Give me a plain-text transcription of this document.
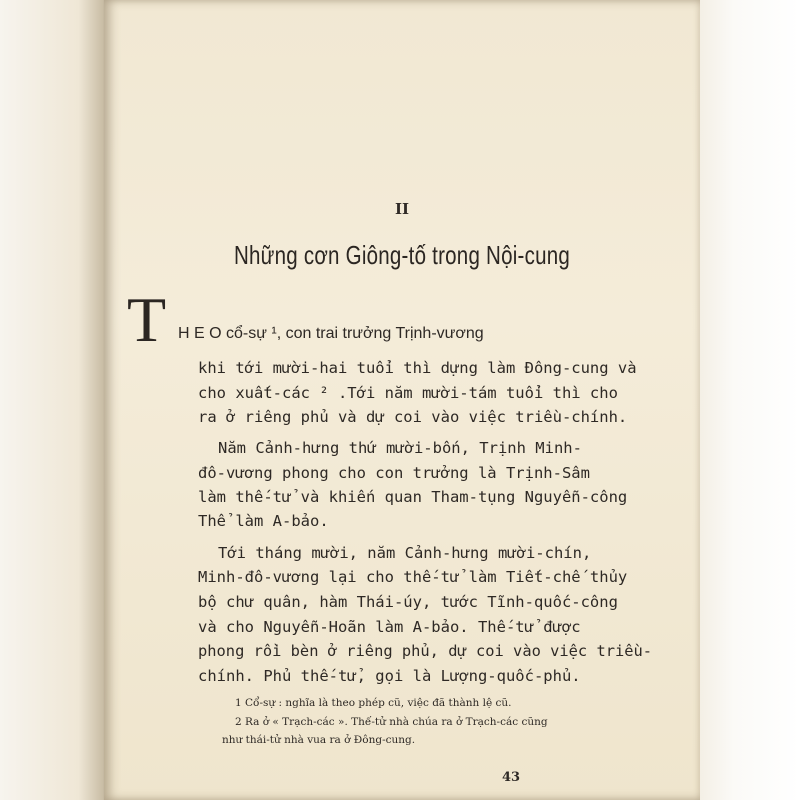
II
Những cơn Giông-tố trong Nội-cung
T H E O cổ-sự ¹, con trai trưởng Trịnh-vương
khi tới mười-hai tuổi thì dựng làm Đông-cung và
cho xuất-các ² .Tới năm mười-tám tuổi thì cho
ra ở riêng phủ và dự coi vào việc triều-chính.
Năm Cảnh-hưng thứ mười-bốn, Trịnh Minh-
đô-vương phong cho con trưởng là Trịnh-Sâm
làm thế-tử và khiến quan Tham-tụng Nguyễn-công
Thể làm A-bảo.
Tới tháng mười, năm Cảnh-hưng mười-chín,
Minh-đô-vương lại cho thế-tử làm Tiết-chế thủy
bộ chư quân, hàm Thái-úy, tước Tĩnh-quốc-công
và cho Nguyễn-Hoãn làm A-bảo. Thế-tử được
phong rồi bèn ở riêng phủ, dự coi vào việc triều-
chính. Phủ thế-tử, gọi là Lượng-quốc-phủ.
1 Cổ-sự : nghĩa là theo phép cũ, việc đã thành lệ cũ.
2 Ra ở « Trạch-các ». Thế-tử nhà chúa ra ở Trạch-các cũng
như thái-tử nhà vua ra ở Đông-cung.
43
